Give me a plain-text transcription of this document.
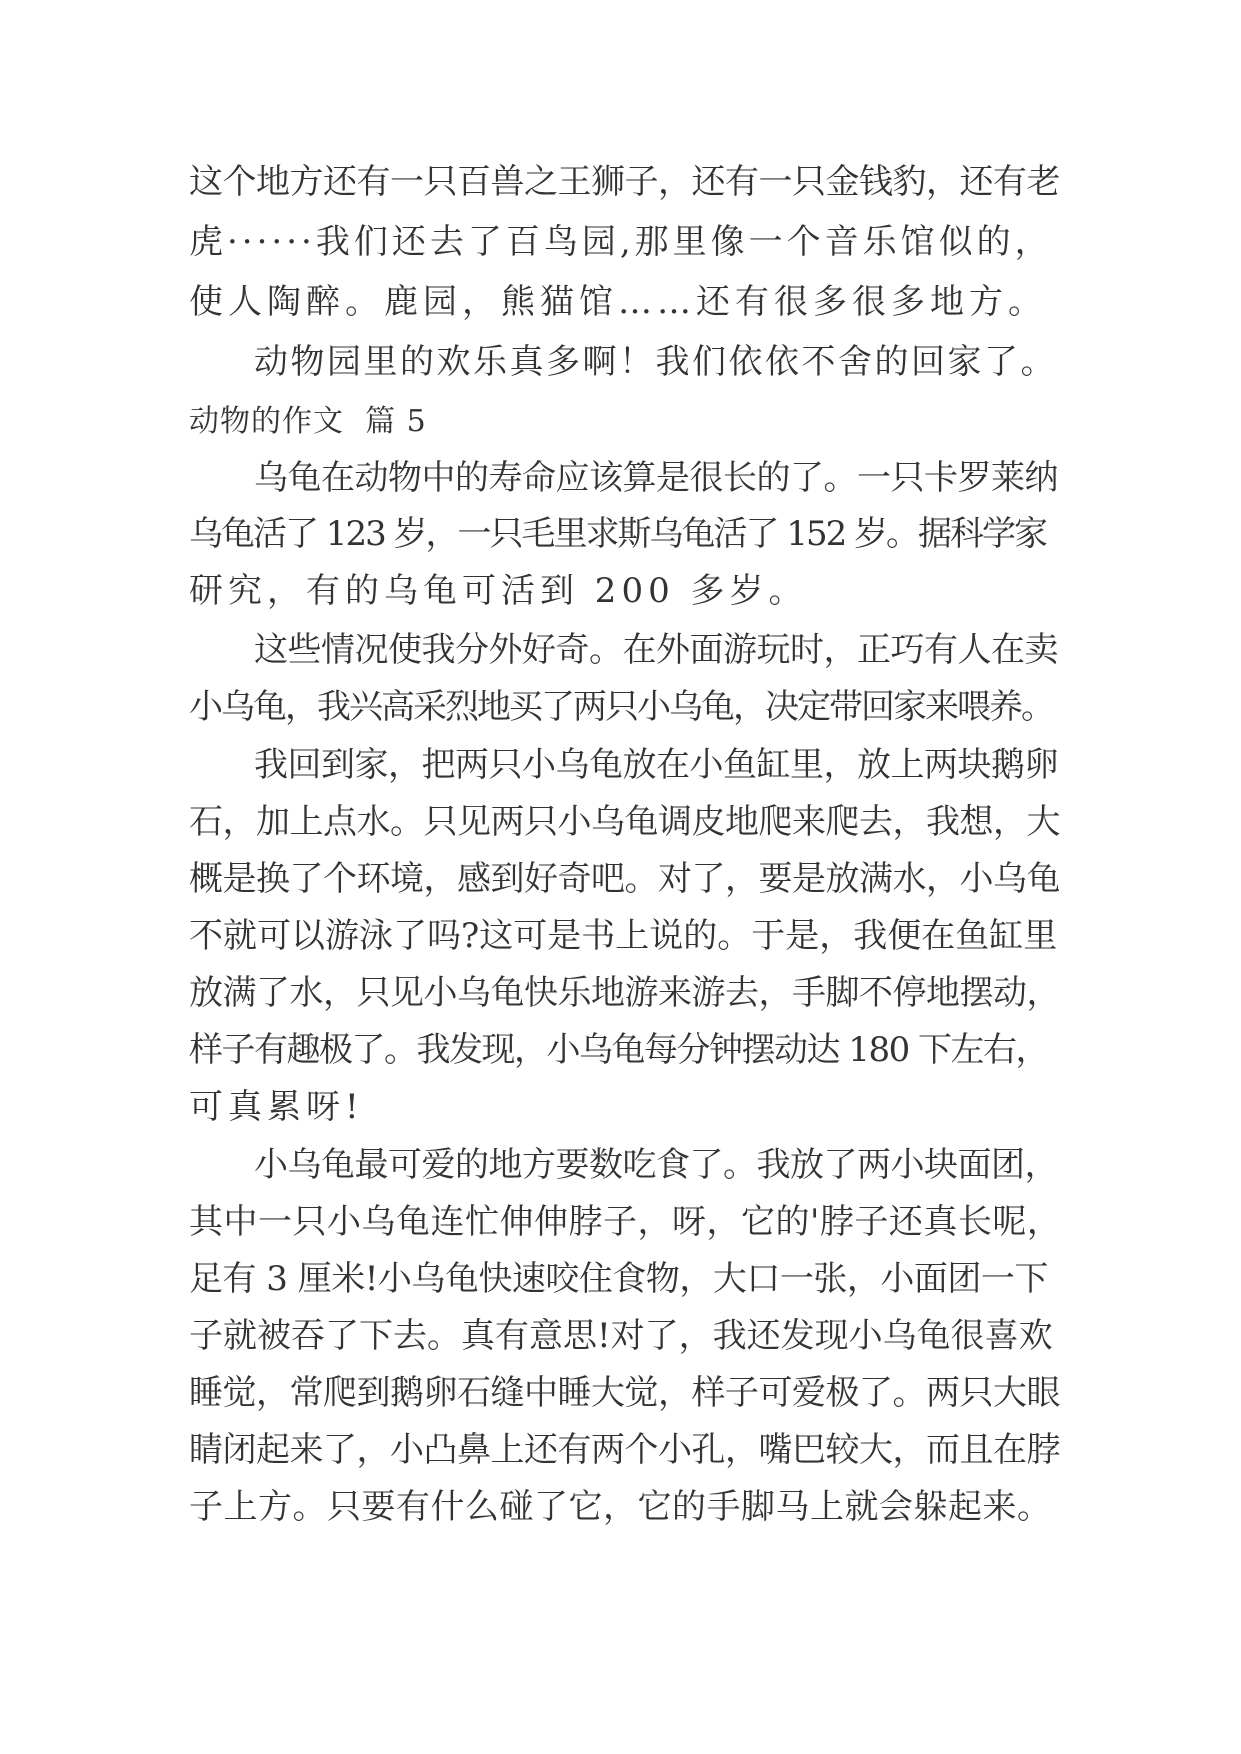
这个地方还有一只百兽之王狮子，还有一只金钱豹，还有老
虎······我们还去了百鸟园,那里像一个音乐馆似的，
使人陶醉。鹿园，熊猫馆……还有很多很多地方。
动物园里的欢乐真多啊！我们依依不舍的回家了。
动物的作文  篇 5
乌龟在动物中的寿命应该算是很长的了。一只卡罗莱纳
乌龟活了 123 岁，一只毛里求斯乌龟活了 152 岁。据科学家
研究，有的乌龟可活到 200 多岁。
这些情况使我分外好奇。在外面游玩时，正巧有人在卖
小乌龟，我兴高采烈地买了两只小乌龟，决定带回家来喂养。
我回到家，把两只小乌龟放在小鱼缸里，放上两块鹅卵
石，加上点水。只见两只小乌龟调皮地爬来爬去，我想，大
概是换了个环境，感到好奇吧。对了，要是放满水，小乌龟
不就可以游泳了吗?这可是书上说的。于是，我便在鱼缸里
放满了水，只见小乌龟快乐地游来游去，手脚不停地摆动，
样子有趣极了。我发现，小乌龟每分钟摆动达 180 下左右，
可真累呀!
小乌龟最可爱的地方要数吃食了。我放了两小块面团，
其中一只小乌龟连忙伸伸脖子，呀，它的'脖子还真长呢，
足有 3 厘米!小乌龟快速咬住食物，大口一张，小面团一下
子就被吞了下去。真有意思!对了，我还发现小乌龟很喜欢
睡觉，常爬到鹅卵石缝中睡大觉，样子可爱极了。两只大眼
睛闭起来了，小凸鼻上还有两个小孔，嘴巴较大，而且在脖
子上方。只要有什么碰了它，它的手脚马上就会躲起来。
